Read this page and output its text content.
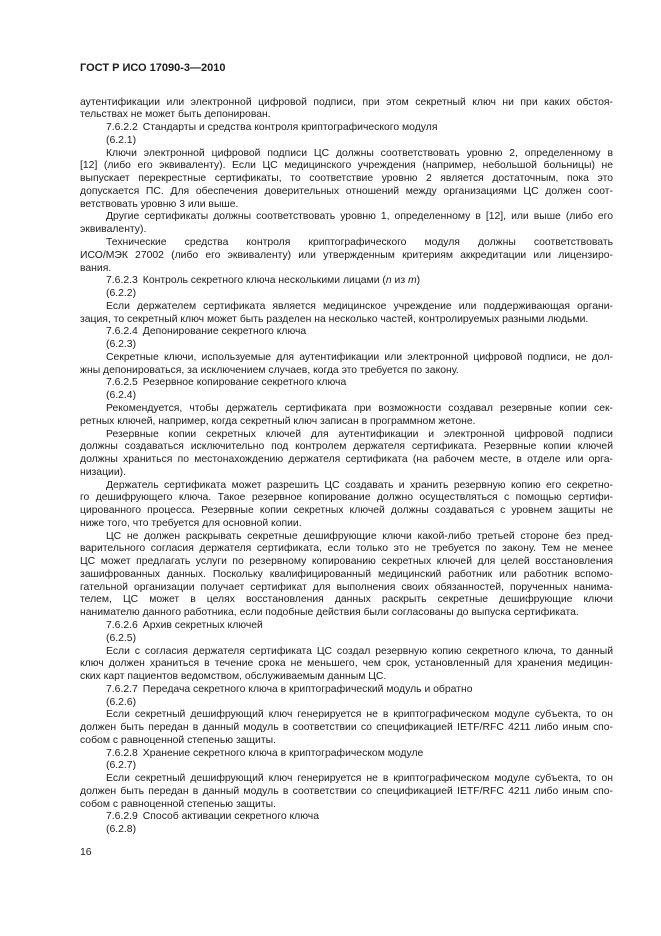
ГОСТ Р ИСО 17090-3—2010
аутентификации или электронной цифровой подписи, при этом секретный ключ ни при каких обстоя-
тельствах не может быть депонирован.
7.6.2.2 Стандарты и средства контроля криптографического модуля
(6.2.1)
Ключи электронной цифровой подписи ЦС должны соответствовать уровню 2, определенному в
[12] (либо его эквиваленту). Если ЦС медицинского учреждения (например, небольшой больницы) не
выпускает перекрестные сертификаты, то соответствие уровню 2 является достаточным, пока это
допускается ПС. Для обеспечения доверительных отношений между организациями ЦС должен соот-
ветствовать уровню 3 или выше.
Другие сертификаты должны соответствовать уровню 1, определенному в [12], или выше (либо его
эквиваленту).
Технические средства контроля криптографического модуля должны соответствовать
ИСО/МЭК 27002 (либо его эквиваленту) или утвержденным критериям аккредитации или лицензиро-
вания.
7.6.2.3 Контроль секретного ключа несколькими лицами (n из m)
(6.2.2)
Если держателем сертификата является медицинское учреждение или поддерживающая органи-
зация, то секретный ключ может быть разделен на несколько частей, контролируемых разными людьми.
7.6.2.4 Депонирование секретного ключа
(6.2.3)
Секретные ключи, используемые для аутентификации или электронной цифровой подписи, не дол-
жны депонироваться, за исключением случаев, когда это требуется по закону.
7.6.2.5 Резервное копирование секретного ключа
(6.2.4)
Рекомендуется, чтобы держатель сертификата при возможности создавал резервные копии сек-
ретных ключей, например, когда секретный ключ записан в программном жетоне.
Резервные копии секретных ключей для аутентификации и электронной цифровой подписи
должны создаваться исключительно под контролем держателя сертификата. Резервные копии ключей
должны храниться по местонахождению держателя сертификата (на рабочем месте, в отделе или орга-
низации).
Держатель сертификата может разрешить ЦС создавать и хранить резервную копию его секретно-
го дешифрующего ключа. Такое резервное копирование должно осуществляться с помощью сертифи-
цированного процесса. Резервные копии секретных ключей должны создаваться с уровнем защиты не
ниже того, что требуется для основной копии.
ЦС не должен раскрывать секретные дешифрующие ключи какой-либо третьей стороне без пред-
варительного согласия держателя сертификата, если только это не требуется по закону. Тем не менее
ЦС может предлагать услуги по резервному копированию секретных ключей для целей восстановления
зашифрованных данных. Поскольку квалифицированный медицинский работник или работник вспомо-
гательной организации получает сертификат для выполнения своих обязанностей, порученных нанима-
телем, ЦС может в целях восстановления данных раскрыть секретные дешифрующие ключи
нанимателю данного работника, если подобные действия были согласованы до выпуска сертификата.
7.6.2.6 Архив секретных ключей
(6.2.5)
Если с согласия держателя сертификата ЦС создал резервную копию секретного ключа, то данный
ключ должен храниться в течение срока не меньшего, чем срок, установленный для хранения медицин-
ских карт пациентов ведомством, обслуживаемым данным ЦС.
7.6.2.7 Передача секретного ключа в криптографический модуль и обратно
(6.2.6)
Если секретный дешифрующий ключ генерируется не в криптографическом модуле субъекта, то он
должен быть передан в данный модуль в соответствии со спецификацией IETF/RFC 4211 либо иным спо-
собом с равноценной степенью защиты.
7.6.2.8 Хранение секретного ключа в криптографическом модуле
(6.2.7)
Если секретный дешифрующий ключ генерируется не в криптографическом модуле субъекта, то он
должен быть передан в данный модуль в соответствии со спецификацией IETF/RFC 4211 либо иным спо-
собом с равноценной степенью защиты.
7.6.2.9 Способ активации секретного ключа
(6.2.8)
16
